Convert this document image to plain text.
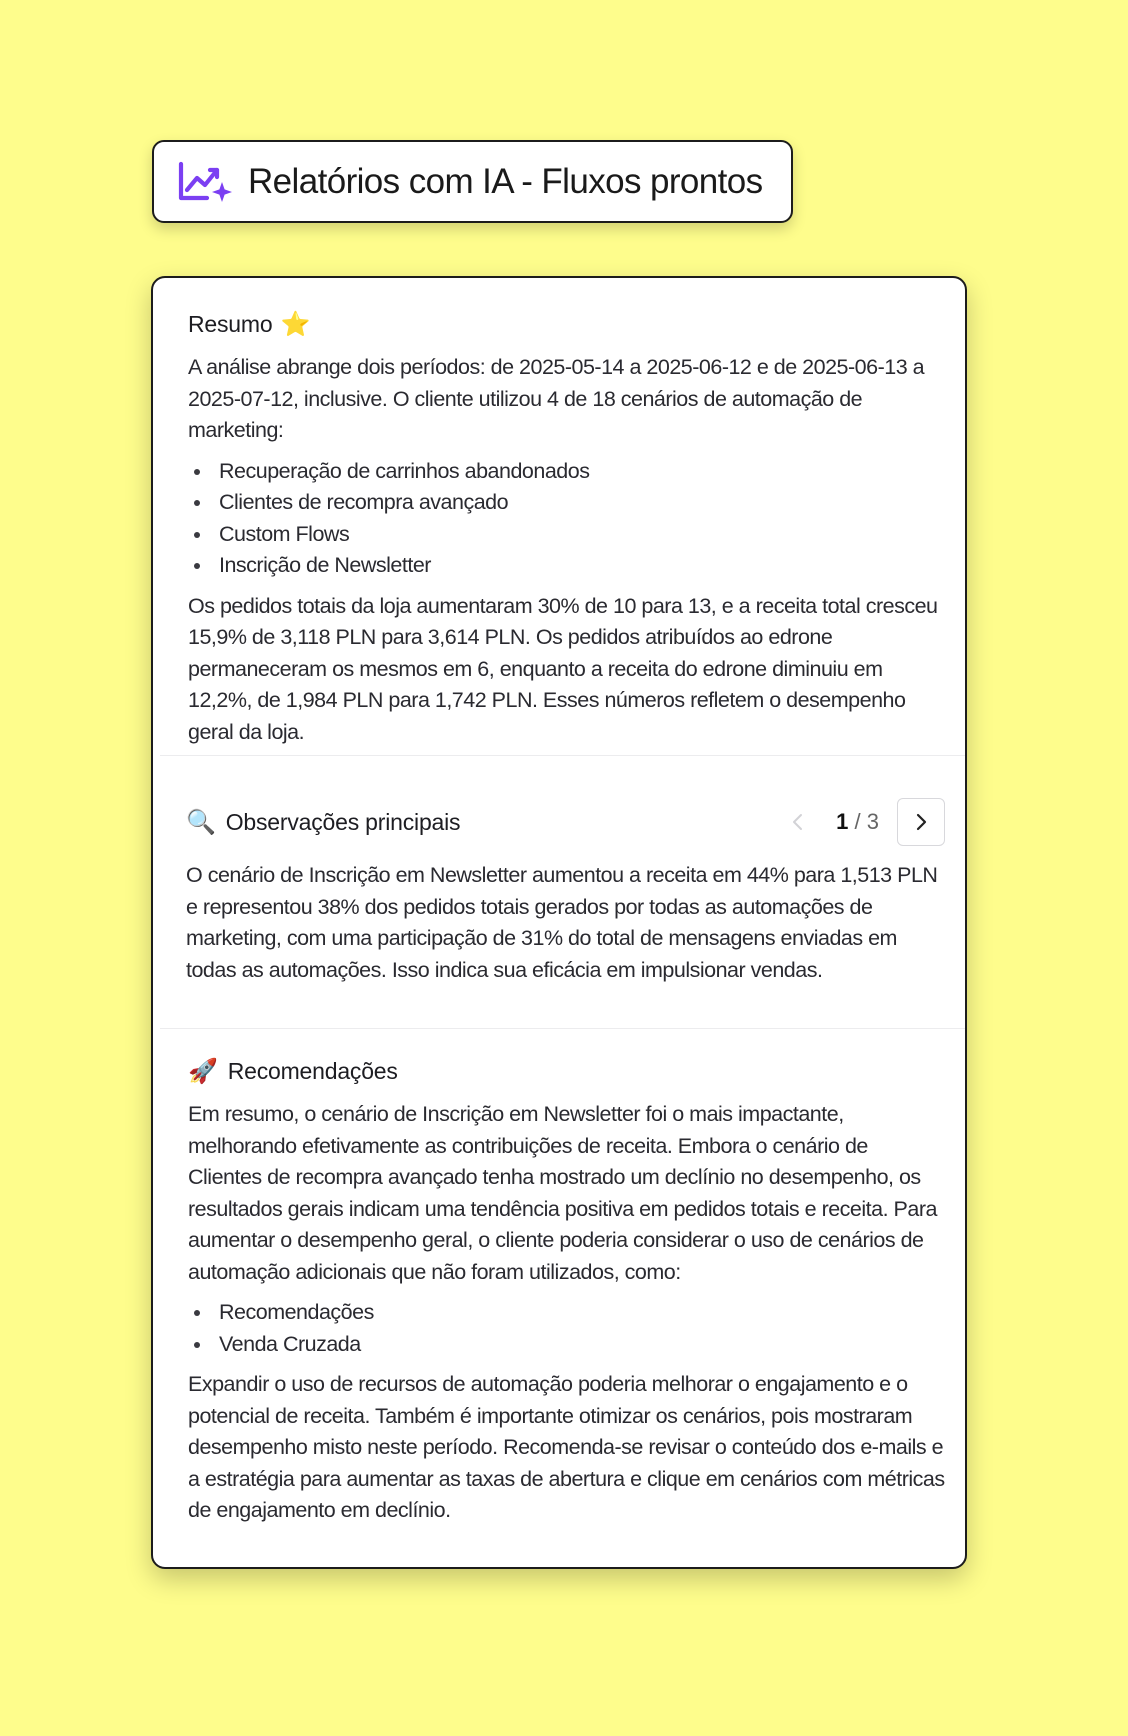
Relatórios com IA - Fluxos prontos
Resumo ⭐

A análise abrange dois períodos: de 2025-05-14 a 2025-06-12 e de 2025-06-13 a 2025-07-12, inclusive. O cliente utilizou 4 de 18 cenários de automação de marketing:

Recuperação de carrinhos abandonados
Clientes de recompra avançado
Custom Flows
Inscrição de Newsletter

Os pedidos totais da loja aumentaram 30% de 10 para 13, e a receita total cresceu 15,9% de 3,118 PLN para 3,614 PLN. Os pedidos atribuídos ao edrone permaneceram os mesmos em 6, enquanto a receita do edrone diminuiu em 12,2%, de 1,984 PLN para 1,742 PLN. Esses números refletem o desempenho geral da loja.

🔍 Observações principais	1 / 3

O cenário de Inscrição em Newsletter aumentou a receita em 44% para 1,513 PLN e representou 38% dos pedidos totais gerados por todas as automações de marketing, com uma participação de 31% do total de mensagens enviadas em todas as automações. Isso indica sua eficácia em impulsionar vendas.

🚀 Recomendações

Em resumo, o cenário de Inscrição em Newsletter foi o mais impactante, melhorando efetivamente as contribuições de receita. Embora o cenário de Clientes de recompra avançado tenha mostrado um declínio no desempenho, os resultados gerais indicam uma tendência positiva em pedidos totais e receita. Para aumentar o desempenho geral, o cliente poderia considerar o uso de cenários de automação adicionais que não foram utilizados, como:

Recomendações
Venda Cruzada

Expandir o uso de recursos de automação poderia melhorar o engajamento e o potencial de receita. Também é importante otimizar os cenários, pois mostraram desempenho misto neste período. Recomenda-se revisar o conteúdo dos e-mails e a estratégia para aumentar as taxas de abertura e clique em cenários com métricas de engajamento em declínio.
